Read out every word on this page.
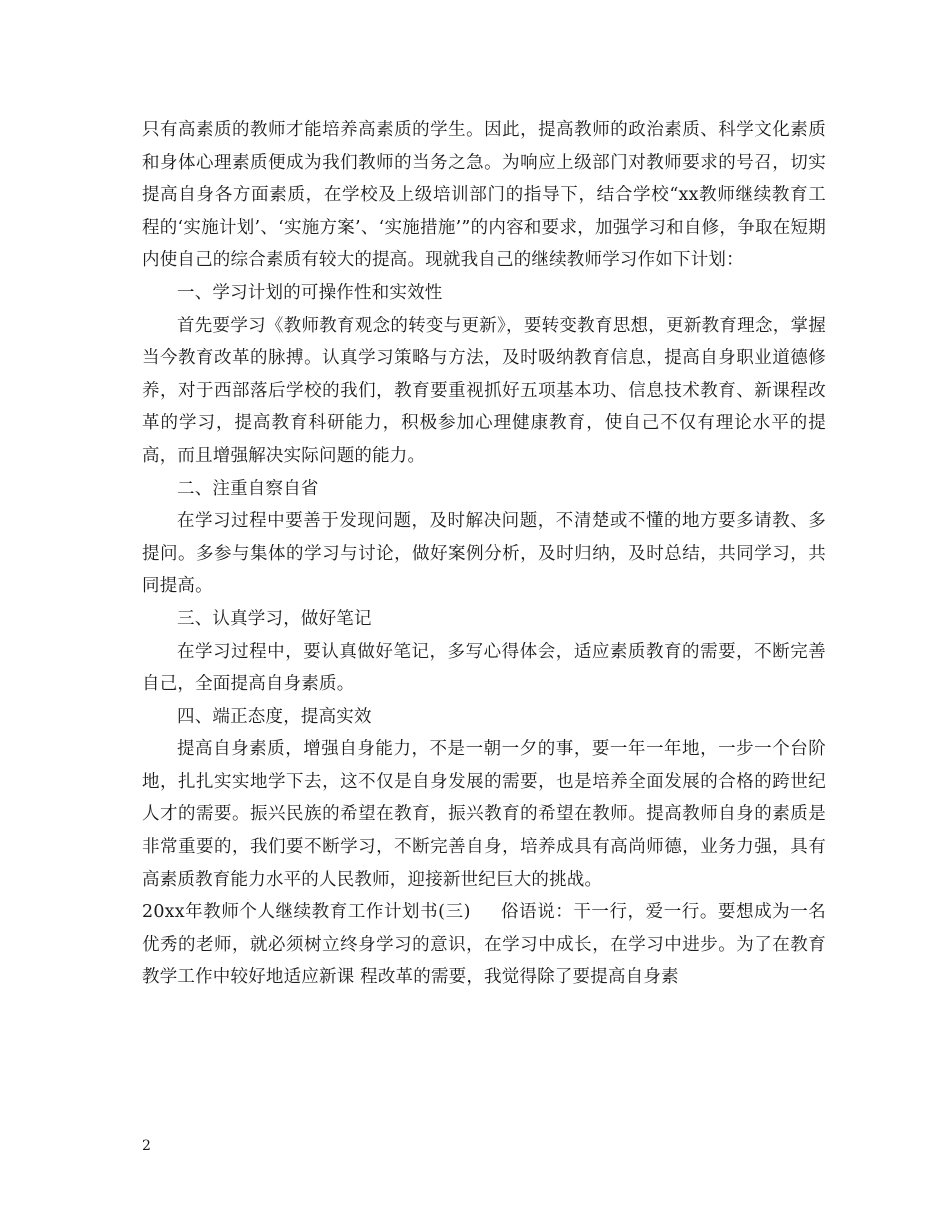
只有高素质的教师才能培养高素质的学生。因此，提高教师的政治素质、科学文化素质和身体心理素质便成为我们教师的当务之急。为响应上级部门对教师要求的号召，切实提高自身各方面素质，在学校及上级培训部门的指导下，结合学校“xx教师继续教育工程的‘实施计划’、‘实施方案’、‘实施措施’”的内容和要求，加强学习和自修，争取在短期内使自己的综合素质有较大的提高。现就我自己的继续教师学习作如下计划：

一、学习计划的可操作性和实效性

首先要学习《教师教育观念的转变与更新》，要转变教育思想，更新教育理念，掌握当今教育改革的脉搏。认真学习策略与方法，及时吸纳教育信息，提高自身职业道德修养，对于西部落后学校的我们，教育要重视抓好五项基本功、信息技术教育、新课程改革的学习，提高教育科研能力，积极参加心理健康教育，使自己不仅有理论水平的提高，而且增强解决实际问题的能力。

二、注重自察自省

在学习过程中要善于发现问题，及时解决问题，不清楚或不懂的地方要多请教、多提问。多参与集体的学习与讨论，做好案例分析，及时归纳，及时总结，共同学习，共同提高。

三、认真学习，做好笔记

在学习过程中，要认真做好笔记，多写心得体会，适应素质教育的需要，不断完善自己，全面提高自身素质。

四、端正态度，提高实效

提高自身素质，增强自身能力，不是一朝一夕的事，要一年一年地，一步一个台阶地，扎扎实实地学下去，这不仅是自身发展的需要，也是培养全面发展的合格的跨世纪人才的需要。振兴民族的希望在教育，振兴教育的希望在教师。提高教师自身的素质是非常重要的，我们要不断学习，不断完善自身，培养成具有高尚师德，业务力强，具有高素质教育能力水平的人民教师，迎接新世纪巨大的挑战。

20xx年教师个人继续教育工作计划书(三) 俗语说：干一行，爱一行。要想成为一名优秀的老师，就必须树立终身学习的意识，在学习中成长，在学习中进步。为了在教育教学工作中较好地适应新课 程改革的需要，我觉得除了要提高自身素

2
